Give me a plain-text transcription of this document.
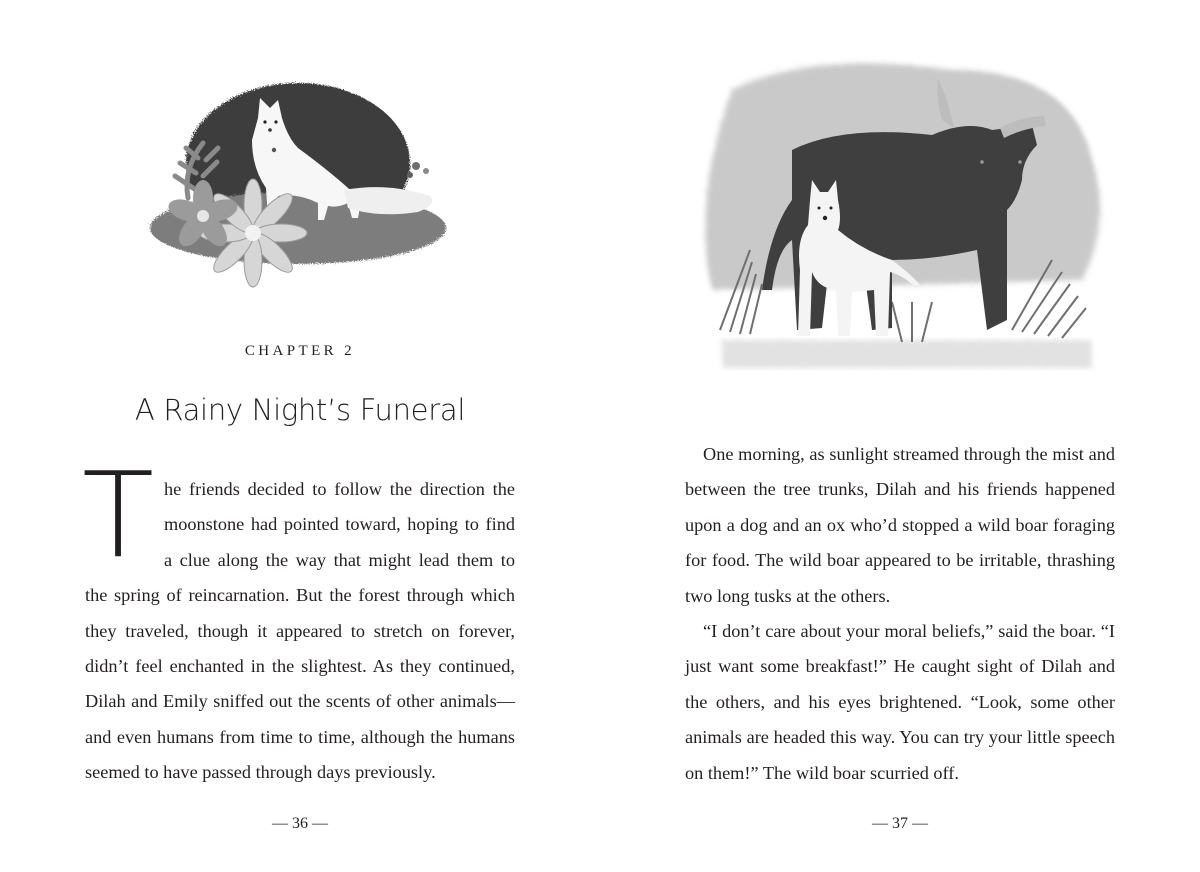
CHAPTER 2
A Rainy Night’s Funeral

The friends decided to follow the direction the moonstone had pointed toward, hoping to find a clue along the way that might lead them to the spring of reincarnation. But the forest through which they traveled, though it appeared to stretch on forever, didn’t feel enchanted in the slightest. As they continued, Dilah and Emily sniffed out the scents of other animals—and even humans from time to time, although the humans seemed to have passed through days previously.

— 36 —

One morning, as sunlight streamed through the mist and between the tree trunks, Dilah and his friends happened upon a dog and an ox who’d stopped a wild boar foraging for food. The wild boar appeared to be irritable, thrashing two long tusks at the others.

“I don’t care about your moral beliefs,” said the boar. “I just want some breakfast!” He caught sight of Dilah and the others, and his eyes brightened. “Look, some other animals are headed this way. You can try your little speech on them!” The wild boar scurried off.

— 37 —
